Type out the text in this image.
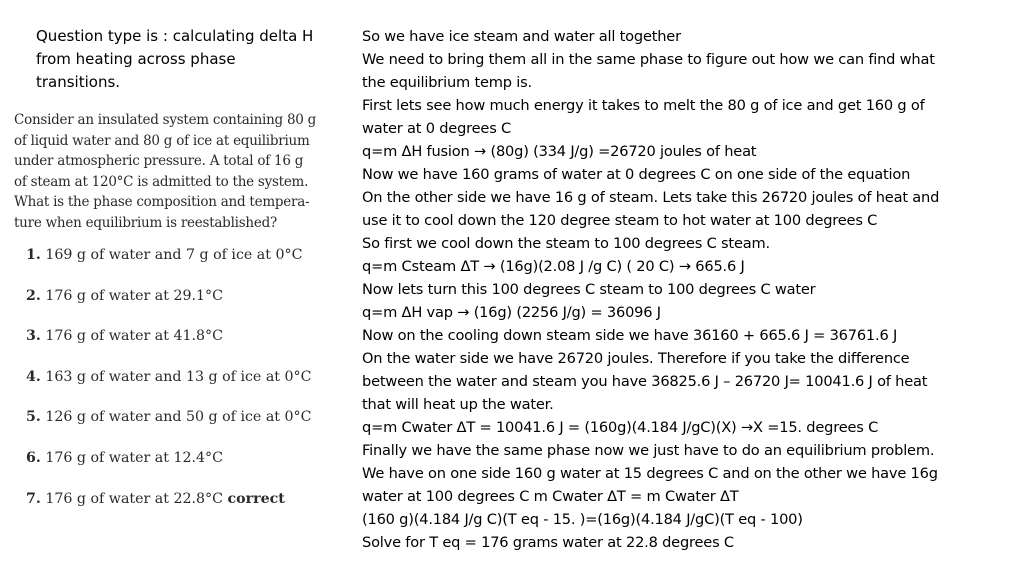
Question type is : calculating delta H
from heating across phase
transitions.
Consider an insulated system containing 80 g
of liquid water and 80 g of ice at equilibrium
under atmospheric pressure. A total of 16 g
of steam at 120°C is admitted to the system.
What is the phase composition and tempera-
ture when equilibrium is reestablished?
1. 169 g of water and 7 g of ice at 0°C
2. 176 g of water at 29.1°C
3. 176 g of water at 41.8°C
4. 163 g of water and 13 g of ice at 0°C
5. 126 g of water and 50 g of ice at 0°C
6. 176 g of water at 12.4°C
7. 176 g of water at 22.8°C correct
So we have ice steam and water all together
We need to bring them all in the same phase to figure out how we can find what
the equilibrium temp is.
First lets see how much energy it takes to melt the 80 g of ice and get 160 g of
water at 0 degrees C
q=m ΔH fusion → (80g) (334 J/g) =26720 joules of heat
Now we have 160 grams of water at 0 degrees C on one side of the equation
On the other side we have 16 g of steam. Lets take this 26720 joules of heat and
use it to cool down the 120 degree steam to hot water at 100 degrees C
So first we cool down the steam to 100 degrees C steam.
q=m Csteam ΔT → (16g)(2.08 J /g C) ( 20 C) → 665.6 J
Now lets turn this 100 degrees C steam to 100 degrees C water
q=m ΔH vap → (16g) (2256 J/g) = 36096 J
Now on the cooling down steam side we have 36160 + 665.6 J = 36761.6 J
On the water side we have 26720 joules. Therefore if you take the difference
between the water and steam you have 36825.6 J – 26720 J= 10041.6 J of heat
that will heat up the water.
q=m Cwater ΔT = 10041.6 J = (160g)(4.184 J/gC)(X) →X =15. degrees C
Finally we have the same phase now we just have to do an equilibrium problem.
We have on one side 160 g water at 15 degrees C and on the other we have 16g
water at 100 degrees C m Cwater ΔT = m Cwater ΔT
(160 g)(4.184 J/g C)(T eq - 15. )=(16g)(4.184 J/gC)(T eq - 100)
Solve for T eq = 176 grams water at 22.8 degrees C
